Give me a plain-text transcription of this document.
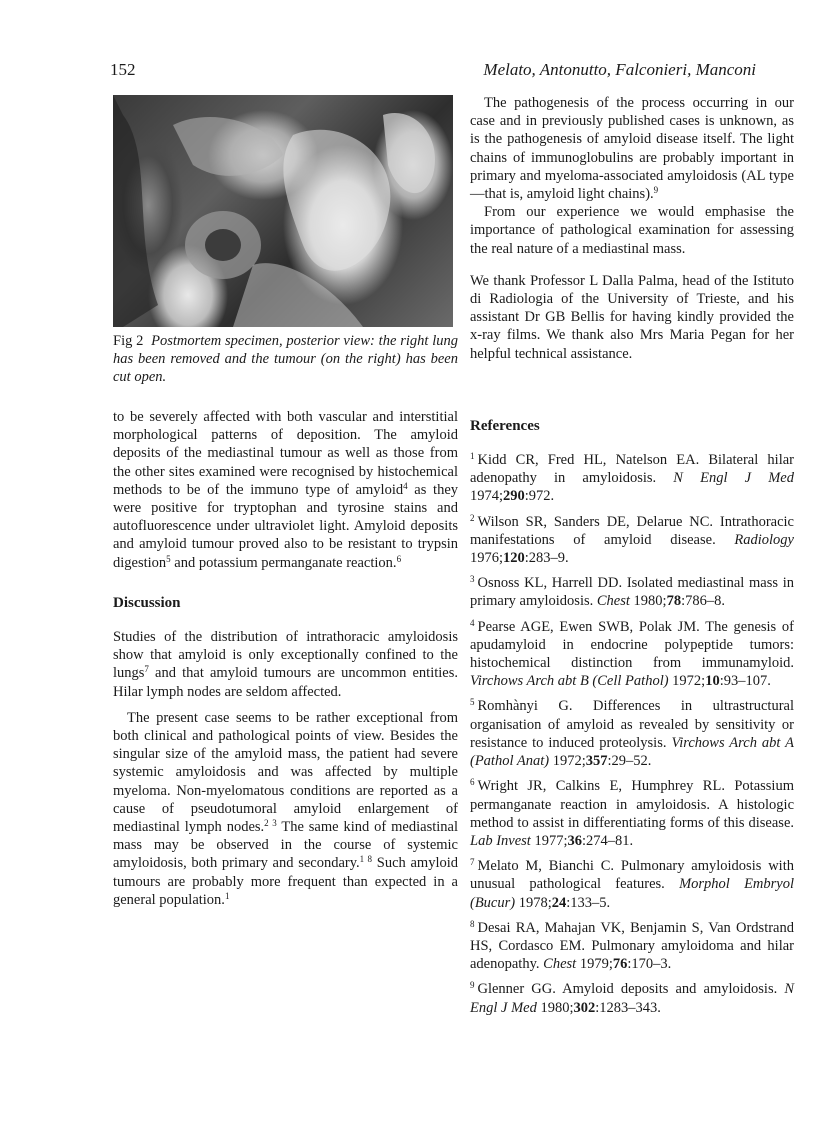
152	Melato, Antonutto, Falconieri, Manconi
Fig 2 Postmortem specimen, posterior view: the right lung has been removed and the tumour (on the right) has been cut open.

to be severely affected with both vascular and interstitial morphological patterns of deposition. The amyloid deposits of the mediastinal tumour as well as those from the other sites examined were recognised by histochemical methods to be of the immuno type of amyloid$^4$ as they were positive for tryptophan and tyrosine stains and autofluorescence under ultraviolet light. Amyloid deposits and amyloid tumour proved also to be resistant to trypsin digestion$^5$ and potassium permanganate reaction.$^6$

Discussion

Studies of the distribution of intrathoracic amyloidosis show that amyloid is only exceptionally confined to the lungs$^7$ and that amyloid tumours are uncommon entities. Hilar lymph nodes are seldom affected.

The present case seems to be rather exceptional from both clinical and pathological points of view. Besides the singular size of the amyloid mass, the patient had severe systemic amyloidosis and was affected by multiple myeloma. Non-myelomatous conditions are reported as a cause of pseudotumoral amyloid enlargement of mediastinal lymph nodes.$^{2 3}$ The same kind of mediastinal mass may be observed in the course of systemic amyloidosis, both primary and secondary.$^{1 8}$ Such amyloid tumours are probably more frequent than expected in a general population.$^1$

The pathogenesis of the process occurring in our case and in previously published cases is unknown, as is the pathogenesis of amyloid disease itself. The light chains of immunoglobulins are probably important in primary and myeloma-associated amyloidosis (AL type—that is, amyloid light chains).$^9$

From our experience we would emphasise the importance of pathological examination for assessing the real nature of a mediastinal mass.

We thank Professor L Dalla Palma, head of the Istituto di Radiologia of the University of Trieste, and his assistant Dr GB Bellis for having kindly provided the x-ray films. We thank also Mrs Maria Pegan for her helpful technical assistance.

References

$^1$ Kidd CR, Fred HL, Natelson EA. Bilateral hilar adenopathy in amyloidosis. N Engl J Med 1974;290:972.
$^2$ Wilson SR, Sanders DE, Delarue NC. Intrathoracic manifestations of amyloid disease. Radiology 1976;120:283–9.
$^3$ Osnoss KL, Harrell DD. Isolated mediastinal mass in primary amyloidosis. Chest 1980;78:786–8.
$^4$ Pearse AGE, Ewen SWB, Polak JM. The genesis of apudamyloid in endocrine polypeptide tumors: histochemical distinction from immunamyloid. Virchows Arch abt B (Cell Pathol) 1972;10:93–107.
$^5$ Romhànyi G. Differences in ultrastructural organisation of amyloid as revealed by sensitivity or resistance to induced proteolysis. Virchows Arch abt A (Pathol Anat) 1972;357:29–52.
$^6$ Wright JR, Calkins E, Humphrey RL. Potassium permanganate reaction in amyloidosis. A histologic method to assist in differentiating forms of this disease. Lab Invest 1977;36:274–81.
$^7$ Melato M, Bianchi C. Pulmonary amyloidosis with unusual pathological features. Morphol Embryol (Bucur) 1978;24:133–5.
$^8$ Desai RA, Mahajan VK, Benjamin S, Van Ordstrand HS, Cordasco EM. Pulmonary amyloidoma and hilar adenopathy. Chest 1979;76:170–3.
$^9$ Glenner GG. Amyloid deposits and amyloidosis. N Engl J Med 1980;302:1283–343.
